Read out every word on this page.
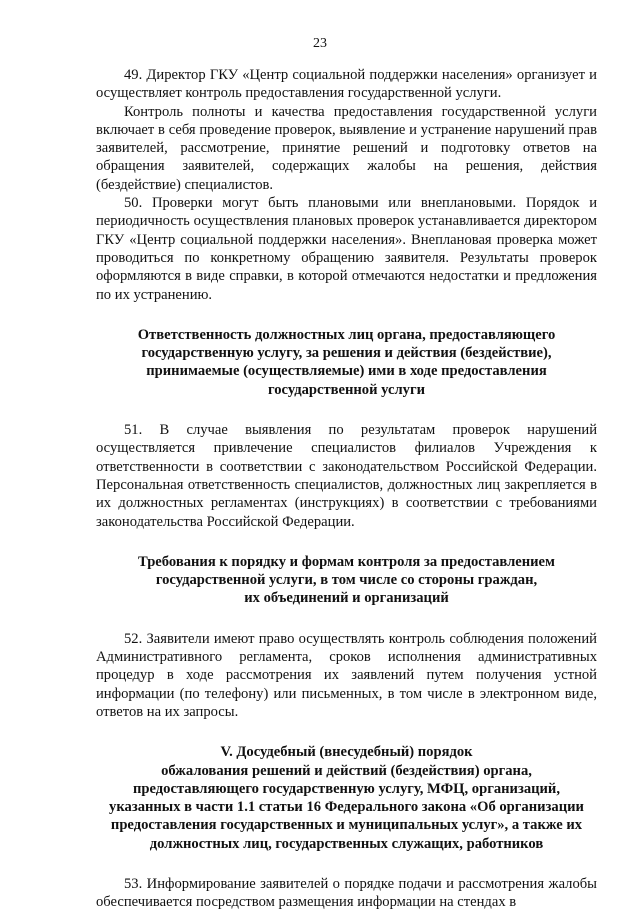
23

49. Директор ГКУ «Центр социальной поддержки населения» организует и осуществляет контроль предоставления государственной услуги.

Контроль полноты и качества предоставления государственной услуги включает в себя проведение проверок, выявление и устранение нарушений прав заявителей, рассмотрение, принятие решений и подготовку ответов на обращения заявителей, содержащих жалобы на решения, действия (бездействие) специалистов.

50. Проверки могут быть плановыми или внеплановыми. Порядок и периодичность осуществления плановых проверок устанавливается директором ГКУ «Центр социальной поддержки населения». Внеплановая проверка может проводиться по конкретному обращению заявителя. Результаты проверок оформляются в виде справки, в которой отмечаются недостатки и предложения по их устранению.

Ответственность должностных лиц органа, предоставляющего
государственную услугу, за решения и действия (бездействие),
принимаемые (осуществляемые) ими в ходе предоставления
государственной услуги

51. В случае выявления по результатам проверок нарушений осуществляется привлечение специалистов филиалов Учреждения к ответственности в соответствии с законодательством Российской Федерации. Персональная ответственность специалистов, должностных лиц закрепляется в их должностных регламентах (инструкциях) в соответствии с требованиями законодательства Российской Федерации.

Требования к порядку и формам контроля за предоставлением
государственной услуги, в том числе со стороны граждан,
их объединений и организаций

52. Заявители имеют право осуществлять контроль соблюдения положений Административного регламента, сроков исполнения административных процедур в ходе рассмотрения их заявлений путем получения устной информации (по телефону) или письменных, в том числе в электронном виде, ответов на их запросы.

V. Досудебный (внесудебный) порядок
обжалования решений и действий (бездействия) органа,
предоставляющего государственную услугу, МФЦ, организаций,
указанных в части 1.1 статьи 16 Федерального закона «Об организации
предоставления государственных и муниципальных услуг», а также их
должностных лиц, государственных служащих, работников

53. Информирование заявителей о порядке подачи и рассмотрения жалобы обеспечивается посредством размещения информации на стендах в
